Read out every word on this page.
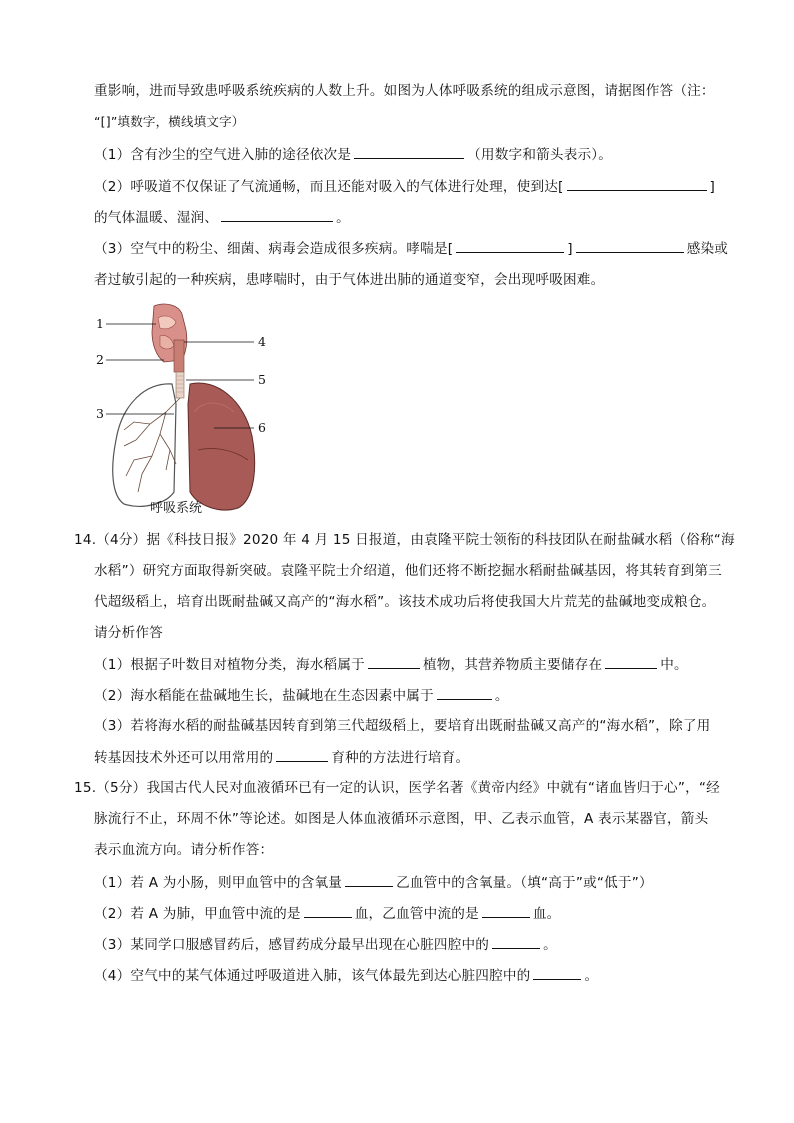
重影响，进而导致患呼吸系统疾病的人数上升。如图为人体呼吸系统的组成示意图，请据图作答（注：
“[]”填数字，横线填文字）
（1）含有沙尘的空气进入肺的途径依次是	（用数字和箭头表示）。
（2）呼吸道不仅保证了气流通畅，而且还能对吸入的气体进行处理，使到达[	]
的气体温暖、湿润、	。
（3）空气中的粉尘、细菌、病毒会造成很多疾病。哮喘是[	]	感染或
者过敏引起的一种疾病，患哮喘时，由于气体进出肺的通道变窄，会出现呼吸困难。
1
2
3
4
5
6
呼吸系统
14.（4分）据《科技日报》2020 年 4 月 15 日报道，由袁隆平院士领衔的科技团队在耐盐碱水稻（俗称“海
水稻”）研究方面取得新突破。袁隆平院士介绍道，他们还将不断挖掘水稻耐盐碱基因，将其转育到第三
代超级稻上，培育出既耐盐碱又高产的“海水稻”。该技术成功后将使我国大片荒芜的盐碱地变成粮仓。
请分析作答
（1）根据子叶数目对植物分类，海水稻属于	植物，其营养物质主要储存在	中。
（2）海水稻能在盐碱地生长，盐碱地在生态因素中属于	。
（3）若将海水稻的耐盐碱基因转育到第三代超级稻上，要培育出既耐盐碱又高产的“海水稻”，除了用
转基因技术外还可以用常用的	育种的方法进行培育。
15.（5分）我国古代人民对血液循环已有一定的认识，医学名著《黄帝内经》中就有“诸血皆归于心”，“经
脉流行不止，环周不休”等论述。如图是人体血液循环示意图，甲、乙表示血管，A 表示某器官，箭头
表示血流方向。请分析作答：
（1）若 A 为小肠，则甲血管中的含氧量	乙血管中的含氧量。（填“高于”或“低于”）
（2）若 A 为肺，甲血管中流的是	血，乙血管中流的是	血。
（3）某同学口服感冒药后，感冒药成分最早出现在心脏四腔中的	。
（4）空气中的某气体通过呼吸道进入肺，该气体最先到达心脏四腔中的	。
